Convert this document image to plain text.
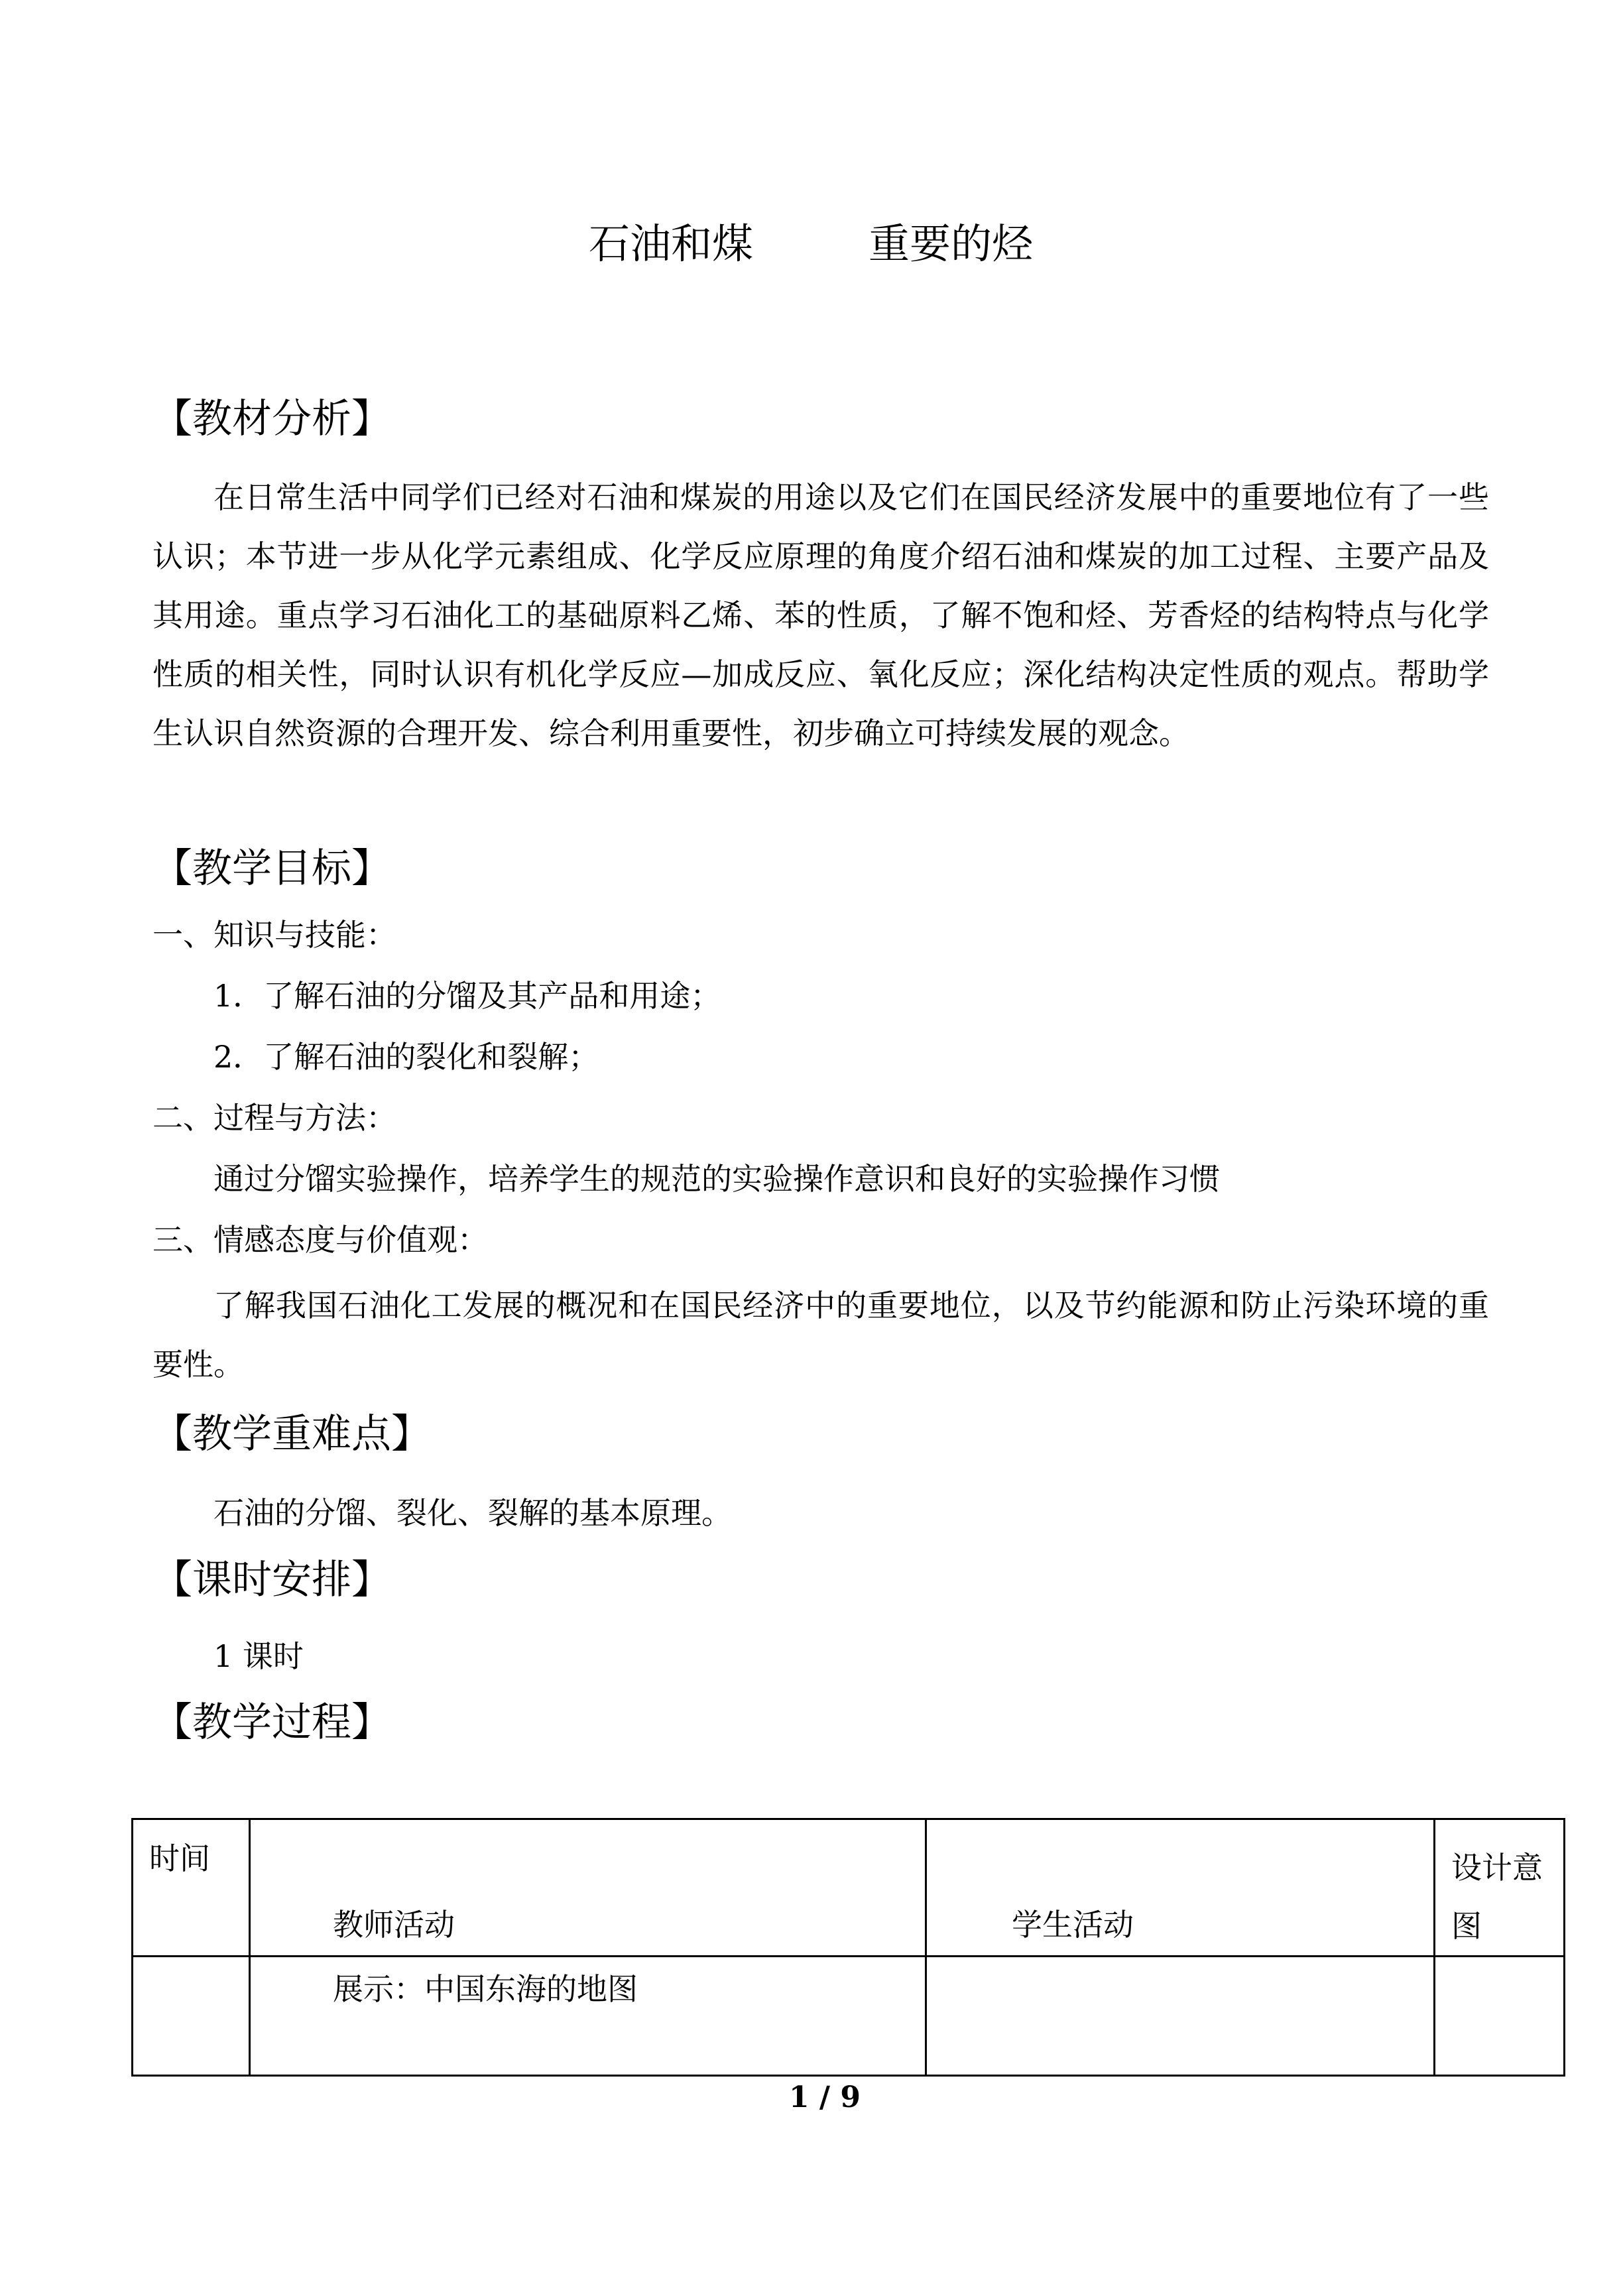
石油和煤	重要的烃
【教材分析】

在日常生活中同学们已经对石油和煤炭的用途以及它们在国民经济发展中的重要地位有了一些认识；本节进一步从化学元素组成、化学反应原理的角度介绍石油和煤炭的加工过程、主要产品及其用途。重点学习石油化工的基础原料乙烯、苯的性质，了解不饱和烃、芳香烃的结构特点与化学性质的相关性，同时认识有机化学反应—加成反应、氧化反应；深化结构决定性质的观点。帮助学生认识自然资源的合理开发、综合利用重要性，初步确立可持续发展的观念。

【教学目标】
一、知识与技能：
1．了解石油的分馏及其产品和用途；
2．了解石油的裂化和裂解；
二、过程与方法：
通过分馏实验操作，培养学生的规范的实验操作意识和良好的实验操作习惯
三、情感态度与价值观：

了解我国石油化工发展的概况和在国民经济中的重要地位，以及节约能源和防止污染环境的重要性。

【教学重难点】
石油的分馏、裂化、裂解的基本原理。
【课时安排】
1 课时
【教学过程】
时间	教师活动	学生活动	设计意图

	展示：中国东海的地图		

1 / 9
